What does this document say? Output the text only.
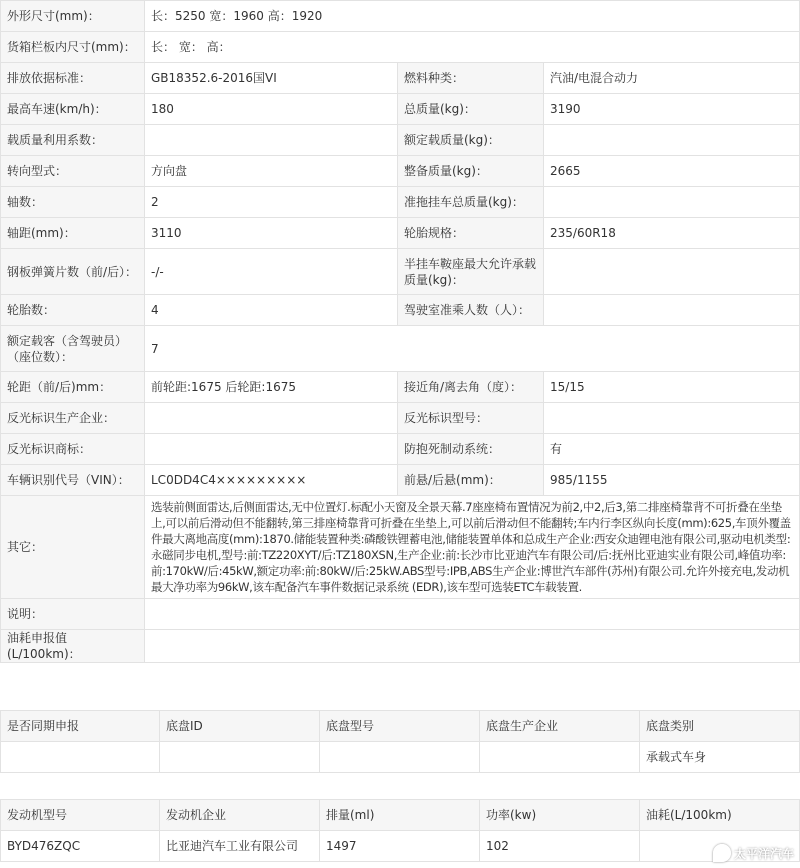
外形尺寸(mm)：	长：5250 宽：1960 高：1920		
货箱栏板内尺寸(mm)：	长： 宽： 高：		
排放依据标准：	GB18352.6-2016国VI	燃料种类：	汽油/电混合动力
最高车速(km/h)：	180	总质量(kg)：	3190
载质量利用系数：		额定载质量(kg)：	
转向型式：	方向盘	整备质量(kg)：	2665
轴数：	2	准拖挂车总质量(kg)：	
轴距(mm)：	3110	轮胎规格：	235/60R18
钢板弹簧片数（前/后）：	-/-	半挂车鞍座最大允许承载质量(kg)：	
轮胎数：	4	驾驶室准乘人数（人）：	
额定载客（含驾驶员）（座位数）：	7		
轮距（前/后)mm：	前轮距:1675 后轮距:1675	接近角/离去角（度）：	15/15
反光标识生产企业：		反光标识型号：	
反光标识商标：		防抱死制动系统：	有
车辆识别代号（VIN）：	LC0DD4C4×××××××××	前悬/后悬(mm)：	985/1155
其它：	选装前侧面雷达,后侧面雷达,无中位置灯.标配小天窗及全景天幕.7座座椅布置情况为前2,中2,后3,第二排座椅靠背不可折叠在坐垫上,可以前后滑动但不能翻转,第三排座椅靠背可折叠在坐垫上,可以前后滑动但不能翻转;车内行李区纵向长度(mm):625,车顶外覆盖件最大离地高度(mm):1870.储能装置种类:磷酸铁锂蓄电池,储能装置单体和总成生产企业:西安众迪锂电池有限公司,驱动电机类型:永磁同步电机,型号:前:TZ220XYT/后:TZ180XSN,生产企业:前:长沙市比亚迪汽车有限公司/后:抚州比亚迪实业有限公司,峰值功率:前:170kW/后:45kW,额定功率:前:80kW/后:25kW.ABS型号:IPB,ABS生产企业:博世汽车部件(苏州)有限公司.允许外接充电,发动机最大净功率为96kW,该车配备汽车事件数据记录系统 (EDR),该车型可选装ETC车载装置.		
说明：			
油耗申报值(L/100km)：			
是否同期申报	底盘ID	底盘型号	底盘生产企业	底盘类别
				承载式车身
发动机型号	发动机企业	排量(ml)	功率(kw)	油耗(L/100km)
BYD476ZQC	比亚迪汽车工业有限公司	1497	102	
太平洋汽车
